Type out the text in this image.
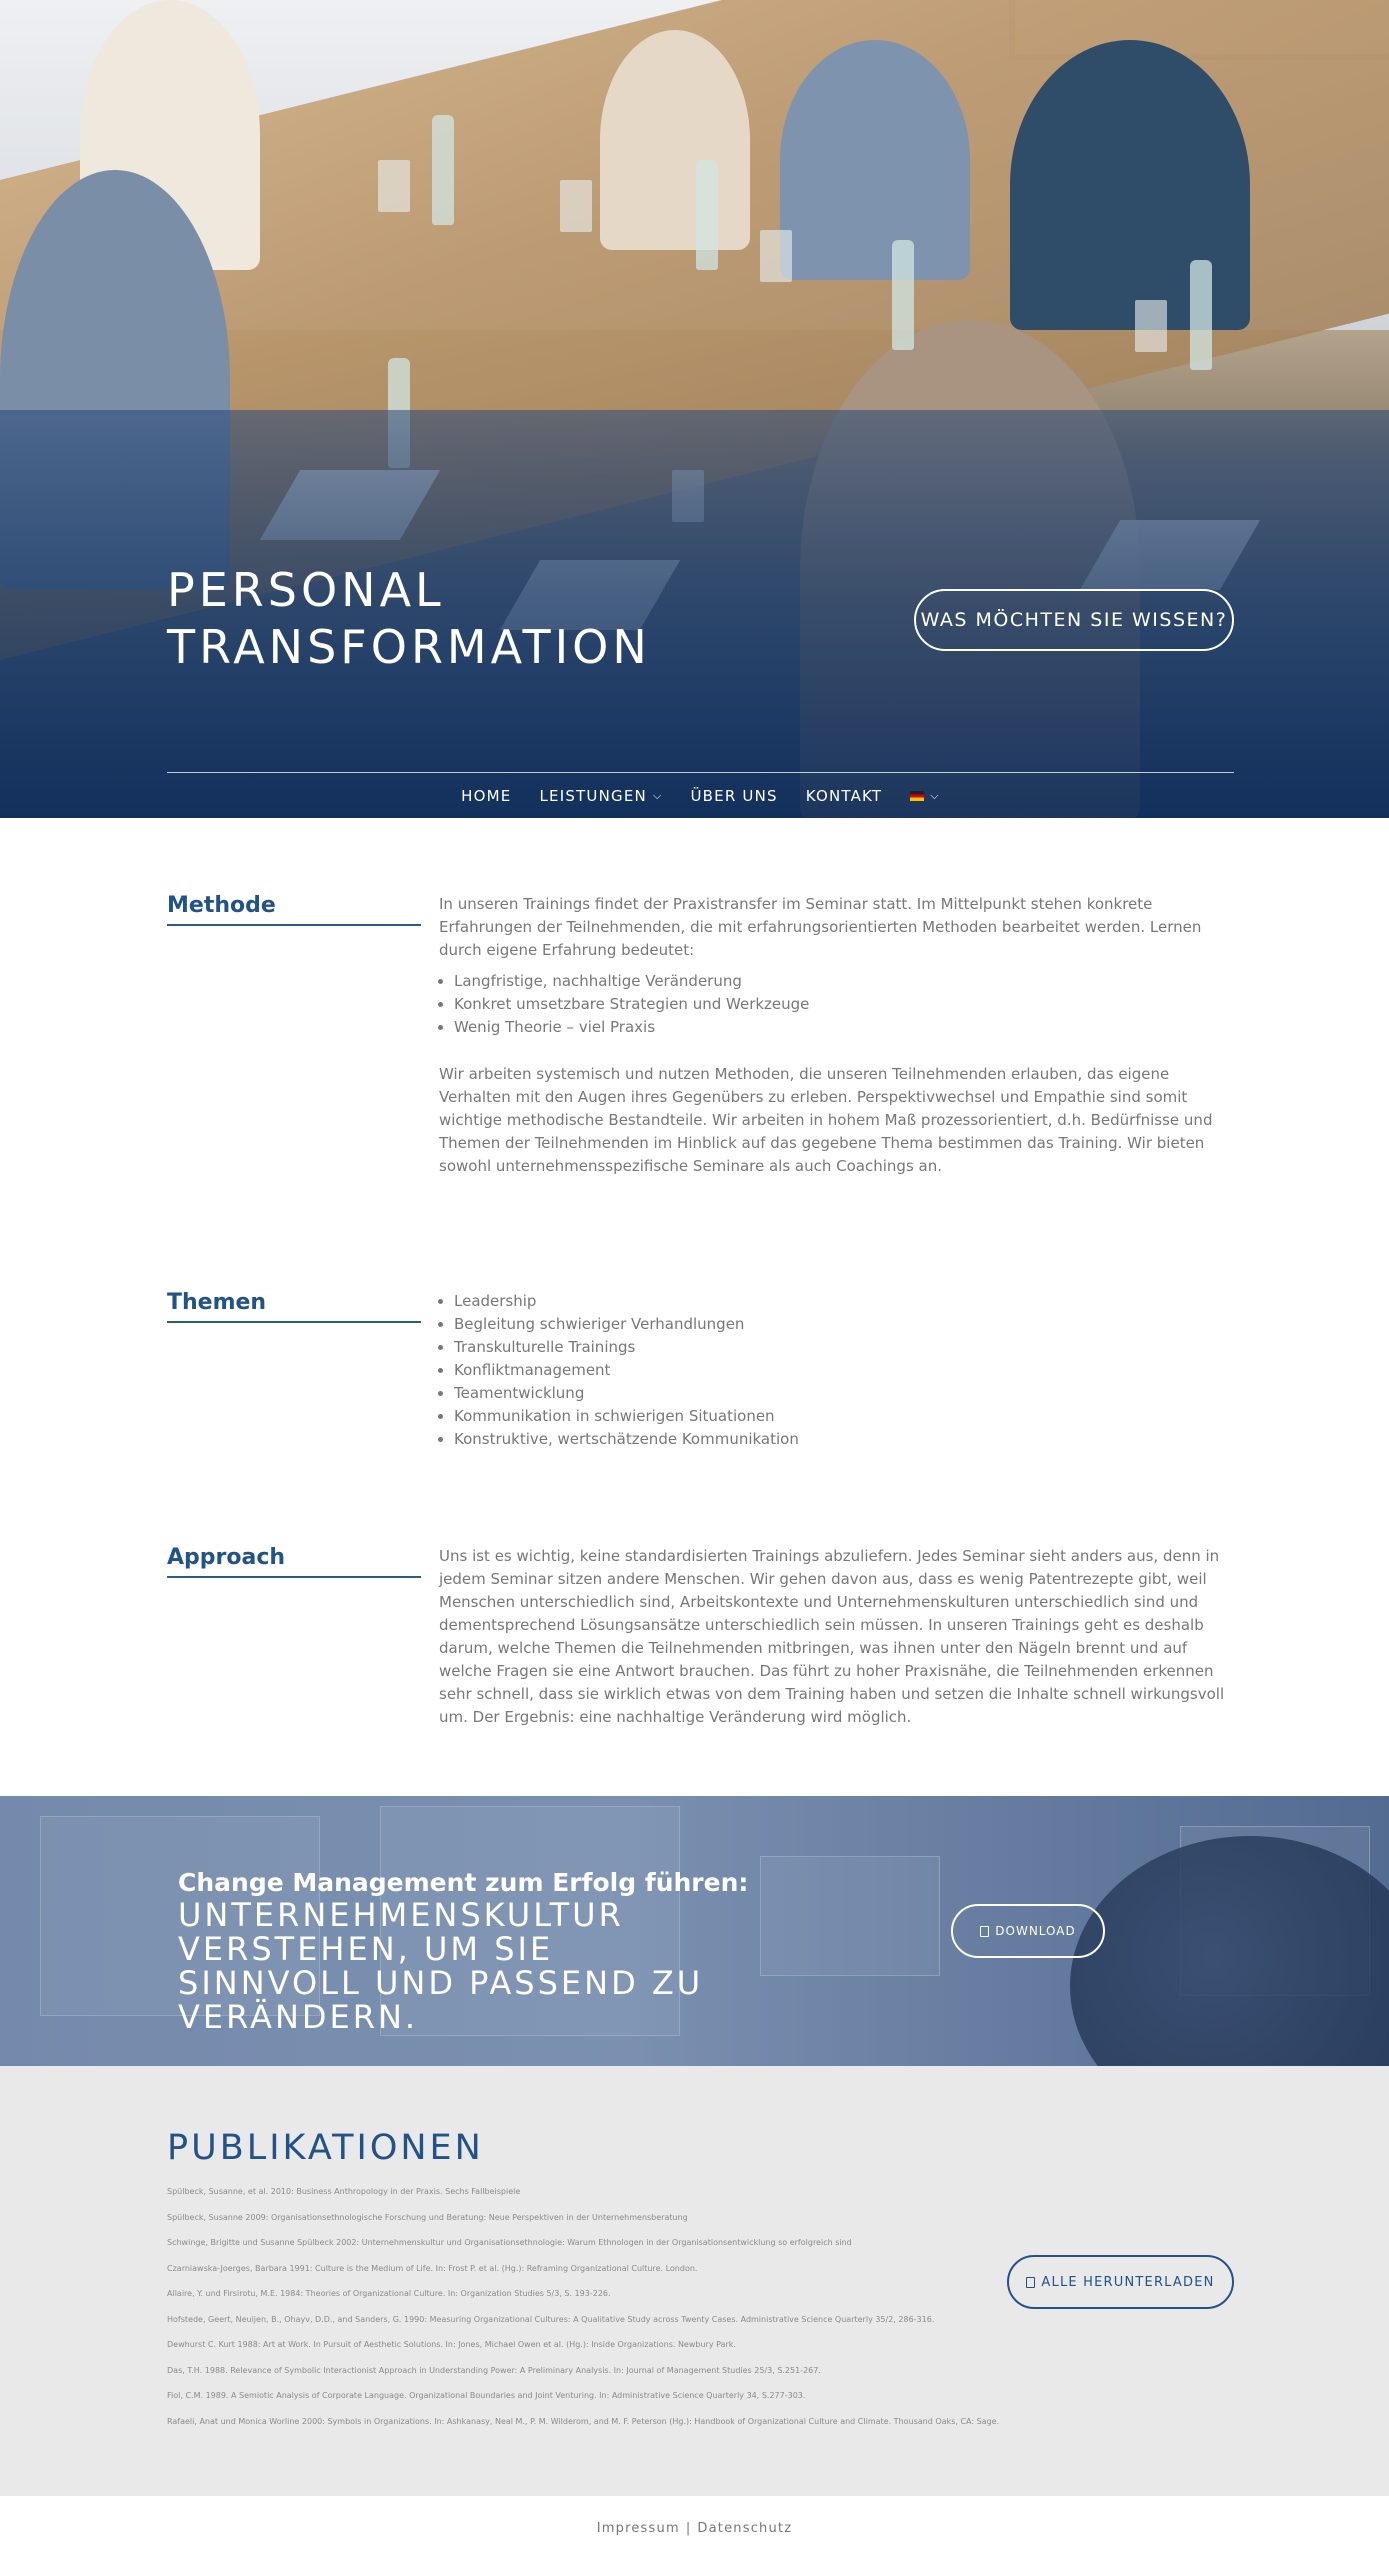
PERSONAL
TRANSFORMATION	WAS MÖCHTEN SIE WISSEN?
HOME LEISTUNGEN ⌵ ÜBER UNS KONTAKT	⌵
Methode	In unseren Trainings findet der Praxistransfer im Seminar statt. Im Mittelpunkt stehen konkrete Erfahrungen der Teilnehmenden, die mit erfahrungsorientierten Methoden bearbeitet werden. Lernen durch eigene Erfahrung bedeutet:

• Langfristige, nachhaltige Veränderung
• Konkret umsetzbare Strategien und Werkzeuge
• Wenig Theorie – viel Praxis

Wir arbeiten systemisch und nutzen Methoden, die unseren Teilnehmenden erlauben, das eigene Verhalten mit den Augen ihres Gegenübers zu erleben. Perspektivwechsel und Empathie sind somit wichtige methodische Bestandteile. Wir arbeiten in hohem Maß prozessorientiert, d.h. Bedürfnisse und Themen der Teilnehmenden im Hinblick auf das gegebene Thema bestimmen das Training. Wir bieten sowohl unternehmensspezifische Seminare als auch Coachings an.

Themen
•	Leadership
• Begleitung schwieriger Verhandlungen
• Transkulturelle Trainings
• Konfliktmanagement
• Teamentwicklung
• Kommunikation in schwierigen Situationen
• Konstruktive, wertschätzende Kommunikation
Approach	Uns ist es wichtig, keine standardisierten Trainings abzuliefern. Jedes Seminar sieht anders aus, denn in jedem Seminar sitzen andere Menschen. Wir gehen davon aus, dass es wenig Patentrezepte gibt, weil Menschen unterschiedlich sind, Arbeitskontexte und Unternehmenskulturen unterschiedlich sind und dementsprechend Lösungsansätze unterschiedlich sein müssen. In unseren Trainings geht es deshalb darum, welche Themen die Teilnehmenden mitbringen, was ihnen unter den Nägeln brennt und auf welche Fragen sie eine Antwort brauchen. Das führt zu hoher Praxisnähe, die Teilnehmenden erkennen sehr schnell, dass sie wirklich etwas von dem Training haben und setzen die Inhalte schnell wirkungsvoll um. Der Ergebnis: eine nachhaltige Veränderung wird möglich.

Change Management zum Erfolg führen:
UNTERNEHMENSKULTUR VERSTEHEN, UM SIE SINNVOLL UND PASSEND ZU VERÄNDERN.
DOWNLOAD
PUBLIKATIONEN
Spülbeck, Susanne, et al. 2010: Business Anthropology in der Praxis. Sechs Fallbeispiele
Spülbeck, Susanne 2009: Organisationsethnologische Forschung und Beratung: Neue Perspektiven in der Unternehmensberatung
Schwinge, Brigitte und Susanne Spülbeck 2002: Unternehmenskultur und Organisationsethnologie: Warum Ethnologen in der Organisationsentwicklung so erfolgreich sind
Czarniawska-Joerges, Barbara 1991: Culture is the Medium of Life. In: Frost P. et al. (Hg.): Reframing Organizational Culture. London.
Allaire, Y. und Firsirotu, M.E. 1984: Theories of Organizational Culture. In: Organization Studies 5/3, S. 193-226.
Hofstede, Geert, Neuijen, B., Ohayv, D.D., and Sanders, G. 1990: Measuring Organizational Cultures: A Qualitative Study across Twenty Cases. Administrative Science Quarterly 35/2, 286-316.
Dewhurst C. Kurt 1988: Art at Work. In Pursuit of Aesthetic Solutions. In: Jones, Michael Owen et al. (Hg.): Inside Organizations. Newbury Park.
Das, T.H. 1988. Relevance of Symbolic Interactionist Approach in Understanding Power: A Preliminary Analysis. In: Journal of Management Studies 25/3, S.251-267.
Fiol, C.M. 1989. A Semiotic Analysis of Corporate Language. Organizational Boundaries and Joint Venturing. In: Administrative Science Quarterly 34, S.277-303.
Rafaeli, Anat und Monica Worline 2000: Symbols in Organizations. In: Ashkanasy, Neal M., P. M. Wilderom, and M. F. Peterson (Hg.): Handbook of Organizational Culture and Climate. Thousand Oaks, CA: Sage.
ALLE HERUNTERLADEN
Impressum | Datenschutz
